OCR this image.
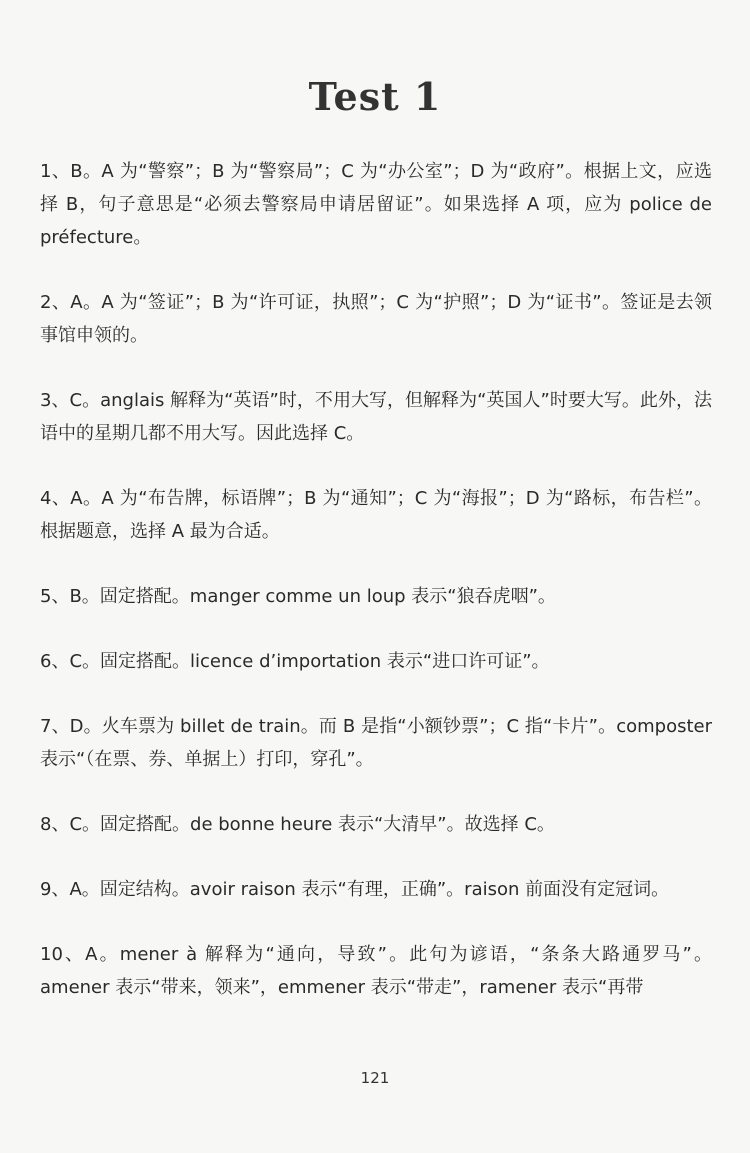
Test 1

1、B。A 为“警察”；B 为“警察局”；C 为“办公室”；D 为“政府”。根据上文，应选择 B，句子意思是“必须去警察局申请居留证”。如果选择 A 项，应为 police de préfecture。

2、A。A 为“签证”；B 为“许可证，执照”；C 为“护照”；D 为“证书”。签证是去领事馆申领的。

3、C。anglais 解释为“英语”时，不用大写，但解释为“英国人”时要大写。此外，法语中的星期几都不用大写。因此选择 C。

4、A。A 为“布告牌，标语牌”；B 为“通知”；C 为“海报”；D 为“路标，布告栏”。根据题意，选择 A 最为合适。

5、B。固定搭配。manger comme un loup 表示“狼吞虎咽”。

6、C。固定搭配。licence d’importation 表示“进口许可证”。

7、D。火车票为 billet de train。而 B 是指“小额钞票”；C 指“卡片”。composter 表示“（在票、券、单据上）打印，穿孔”。

8、C。固定搭配。de bonne heure 表示“大清早”。故选择 C。

9、A。固定结构。avoir raison 表示“有理，正确”。raison 前面没有定冠词。

10、A。mener à 解释为“通向，导致”。此句为谚语，“条条大路通罗马”。amener 表示“带来，领来”，emmener 表示“带走”，ramener 表示“再带

121
